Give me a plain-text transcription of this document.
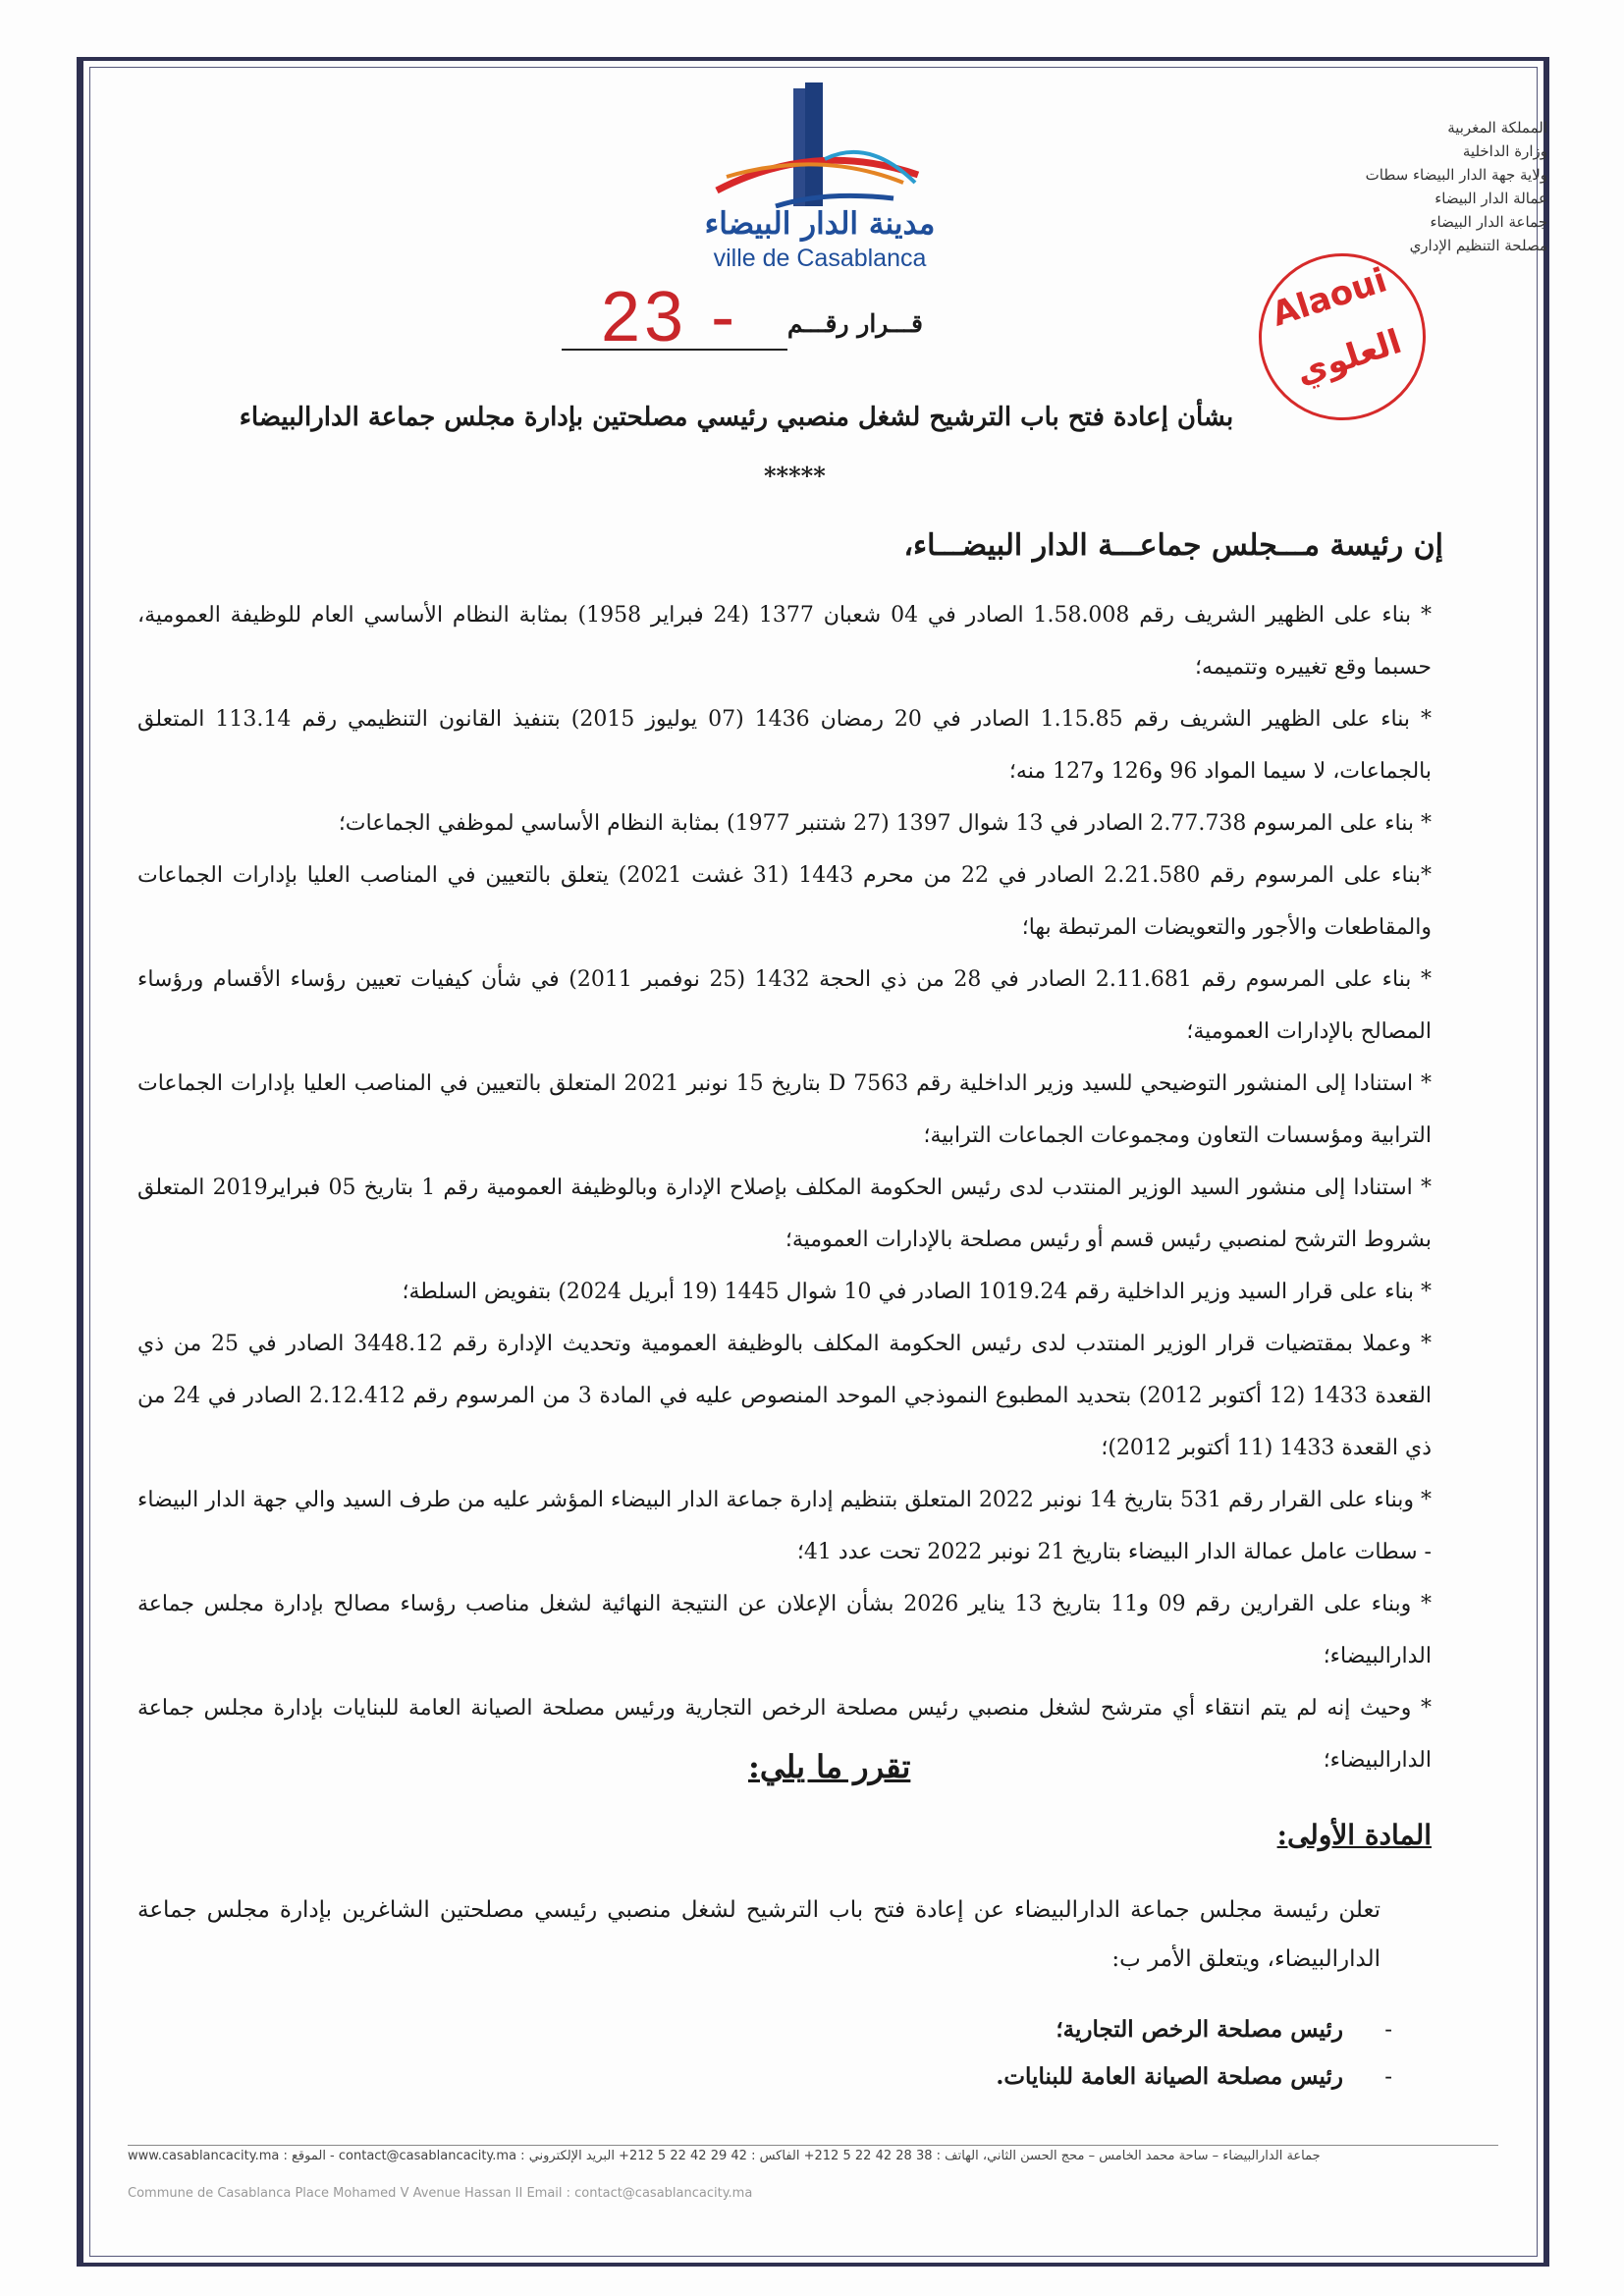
المملكة المغربية
وزارة الداخلية
ولاية جهة الدار البيضاء سطات
عمالة الدار البيضاء
جماعة الدار البيضاء
مصلحة التنظيم الإداري
مدينة الدار البيضاء
ville de Casablanca
Alaoui
العلوي
قـــرار رقـــم
23 -
بشأن إعادة فتح باب الترشيح لشغل منصبي رئيسي مصلحتين بإدارة مجلس جماعة الدارالبيضاء
*****
إن رئيسة مـــجلس جماعـــة الدار البيضـــاء،

* بناء على الظهير الشريف رقم 1.58.008 الصادر في 04 شعبان 1377 (24 فبراير 1958) بمثابة النظام الأساسي العام للوظيفة العمومية، حسبما وقع تغييره وتتميمه؛

* بناء على الظهير الشريف رقم 1.15.85 الصادر في 20 رمضان 1436 (07 يوليوز 2015) بتنفيذ القانون التنظيمي رقم 113.14 المتعلق بالجماعات، لا سيما المواد 96 و126 و127 منه؛

* بناء على المرسوم 2.77.738 الصادر في 13 شوال 1397 (27 شتنبر 1977) بمثابة النظام الأساسي لموظفي الجماعات؛

*بناء على المرسوم رقم 2.21.580 الصادر في 22 من محرم 1443 (31 غشت 2021) يتعلق بالتعيين في المناصب العليا بإدارات الجماعات والمقاطعات والأجور والتعويضات المرتبطة بها؛

* بناء على المرسوم رقم 2.11.681 الصادر في 28 من ذي الحجة 1432 (25 نوفمبر 2011) في شأن كيفيات تعيين رؤساء الأقسام ورؤساء المصالح بالإدارات العمومية؛

* استنادا إلى المنشور التوضيحي للسيد وزير الداخلية رقم D 7563 بتاريخ 15 نونبر 2021 المتعلق بالتعيين في المناصب العليا بإدارات الجماعات الترابية ومؤسسات التعاون ومجموعات الجماعات الترابية؛

* استنادا إلى منشور السيد الوزير المنتدب لدى رئيس الحكومة المكلف بإصلاح الإدارة وبالوظيفة العمومية رقم 1 بتاريخ 05 فبراير2019 المتعلق بشروط الترشح لمنصبي رئيس قسم أو رئيس مصلحة بالإدارات العمومية؛

* بناء على قرار السيد وزير الداخلية رقم 1019.24 الصادر في 10 شوال 1445 (19 أبريل 2024) بتفويض السلطة؛

* وعملا بمقتضيات قرار الوزير المنتدب لدى رئيس الحكومة المكلف بالوظيفة العمومية وتحديث الإدارة رقم 3448.12 الصادر في 25 من ذي القعدة 1433 (12 أكتوبر 2012) بتحديد المطبوع النموذجي الموحد المنصوص عليه في المادة 3 من المرسوم رقم 2.12.412 الصادر في 24 من ذي القعدة 1433 (11 أكتوبر 2012)؛

* وبناء على القرار رقم 531 بتاريخ 14 نونبر 2022 المتعلق بتنظيم إدارة جماعة الدار البيضاء المؤشر عليه من طرف السيد والي جهة الدار البيضاء - سطات عامل عمالة الدار البيضاء بتاريخ 21 نونبر 2022 تحت عدد 41؛

* وبناء على القرارين رقم 09 و11 بتاريخ 13 يناير 2026 بشأن الإعلان عن النتيجة النهائية لشغل مناصب رؤساء مصالح بإدارة مجلس جماعة الدارالبيضاء؛

* وحيث إنه لم يتم انتقاء أي مترشح لشغل منصبي رئيس مصلحة الرخص التجارية ورئيس مصلحة الصيانة العامة للبنايات بإدارة مجلس جماعة الدارالبيضاء؛

تقرر ما يلي:
المادة الأولى:
تعلن رئيسة مجلس جماعة الدارالبيضاء عن إعادة فتح باب الترشيح لشغل منصبي رئيسي مصلحتين الشاغرين بإدارة مجلس جماعة الدارالبيضاء، ويتعلق الأمر ب:
- رئيس مصلحة الرخص التجارية؛
- رئيس مصلحة الصيانة العامة للبنايات.
جماعة الدارالبيضاء – ساحة محمد الخامس – محج الحسن الثاني، الهاتف : 38 28 42 22 5 212+ الفاكس : 42 29 42 22 5 212+ البريد الإلكتروني : contact@casablancacity.ma - الموقع : www.casablancacity.ma
Commune de Casablanca Place Mohamed V Avenue Hassan II Email : contact@casablancacity.ma
